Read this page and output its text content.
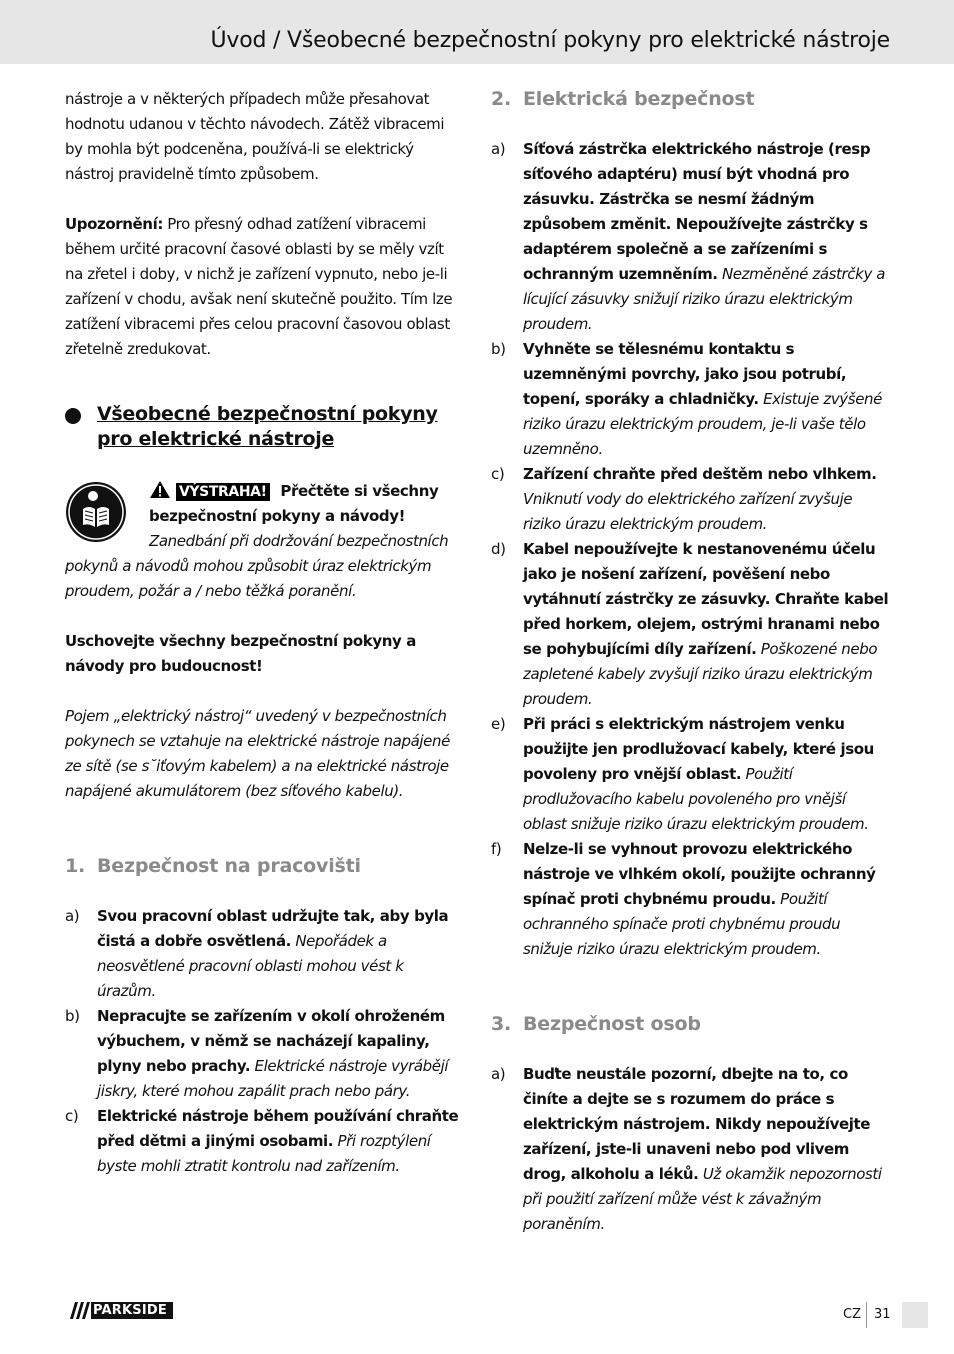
Úvod / Všeobecné bezpečnostní pokyny pro elektrické nástroje

nástroje a v některých případech může přesahovat hodnotu udanou v těchto návodech. Zátěž vibracemi by mohla být podceněna, používá-li se elektrický nástroj pravidelně tímto způsobem.

Upozornění: Pro přesný odhad zatížení vibracemi během určité pracovní časové oblasti by se měly vzít na zřetel i doby, v nichž je zařízení vypnuto, nebo je-li zařízení v chodu, avšak není skutečně použito. Tím lze zatížení vibracemi přes celou pracovní časovou oblast zřetelně zredukovat.

Všeobecné bezpečnostní pokyny pro elektrické nástroje
VÝSTRAHA! Přečtěte si všechny bezpečnostní pokyny a návody! Zanedbání při dodržování bezpečnostních pokynů a návodů mohou způsobit úraz elektrickým proudem, požár a / nebo těžká poranění.

Uschovejte všechny bezpečnostní pokyny a návody pro budoucnost!

Pojem „elektrický nástroj“ uvedený v bezpečnostních pokynech se vztahuje na elektrické nástroje napájené ze sítě (se s˘iťovým kabelem) a na elektrické nástroje napájené akumulátorem (bez síťového kabelu).

1. Bezpečnost na pracovišti
a)	Svou pracovní oblast udržujte tak, aby byla čistá a dobře osvětlená. Nepořádek a neosvětlené pracovní oblasti mohou vést k úrazům.
b)	Nepracujte se zařízením v okolí ohroženém výbuchem, v němž se nacházejí kapaliny, plyny nebo prachy. Elektrické nástroje vyrábějí jiskry, které mohou zapálit prach nebo páry.
c)	Elektrické nástroje během používání chraňte před dětmi a jinými osobami. Při rozptýlení byste mohli ztratit kontrolu nad zařízením.
2. Elektrická bezpečnost
a)	Síťová zástrčka elektrického nástroje (resp síťového adaptéru) musí být vhodná pro zásuvku. Zástrčka se nesmí žádným způsobem změnit. Nepoužívejte zástrčky s adaptérem společně a se zařízeními s ochranným uzemněním. Nezměněné zástrčky a lícující zásuvky snižují riziko úrazu elektrickým proudem.
b)	Vyhněte se tělesnému kontaktu s uzemněnými povrchy, jako jsou potrubí, topení, sporáky a chladničky. Existuje zvýšené riziko úrazu elektrickým proudem, je-li vaše tělo uzemněno.
c)	Zařízení chraňte před deštěm nebo vlhkem. Vniknutí vody do elektrického zařízení zvyšuje riziko úrazu elektrickým proudem.
d)	Kabel nepoužívejte k nestanovenému účelu jako je nošení zařízení, pověšení nebo vytáhnutí zástrčky ze zásuvky. Chraňte kabel před horkem, olejem, ostrými hranami nebo se pohybujícími díly zařízení. Poškozené nebo zapletené kabely zvyšují riziko úrazu elektrickým proudem.
e)	Při práci s elektrickým nástrojem venku použijte jen prodlužovací kabely, které jsou povoleny pro vnější oblast. Použití prodlužovacího kabelu povoleného pro vnější oblast snižuje riziko úrazu elektrickým proudem.
f)	Nelze-li se vyhnout provozu elektrického nástroje ve vlhkém okolí, použijte ochranný spínač proti chybnému proudu. Použití ochranného spínače proti chybnému proudu snižuje riziko úrazu elektrickým proudem.
3. Bezpečnost osob
a)	Buďte neustále pozorní, dbejte na to, co činíte a dejte se s rozumem do práce s elektrickým nástrojem. Nikdy nepoužívejte zařízení, jste-li unaveni nebo pod vlivem drog, alkoholu a léků. Už okamžik nepozornosti při použití zařízení může vést k závažným poraněním.
PARKSIDE	CZ 31
